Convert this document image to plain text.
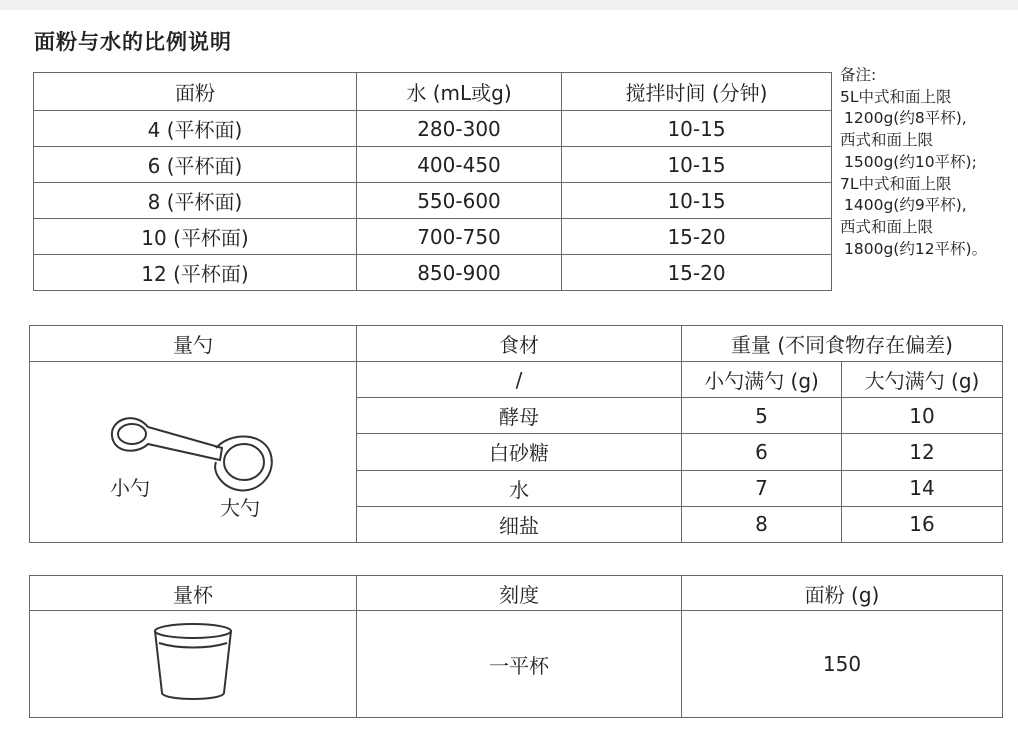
面粉与水的比例说明
面粉	水 (mL或g)	搅拌时间 (分钟)
4 (平杯面)	280-300	10-15
6 (平杯面)	400-450	10-15
8 (平杯面)	550-600	10-15
10 (平杯面)	700-750	15-20
12 (平杯面)	850-900	15-20
备注:
5L中式和面上限
1200g(约8平杯),
西式和面上限
1500g(约10平杯);
7L中式和面上限
1400g(约9平杯),
西式和面上限
1800g(约12平杯)。
量勺	食材	重量 (不同食物存在偏差)	

小勺
大勺	/	小勺满勺 (g)	大勺满勺 (g)
	酵母	5	10
	白砂糖	6	12
	水	7	14
	细盐	8	16
量杯	刻度	面粉 (g)
	一平杯	150
